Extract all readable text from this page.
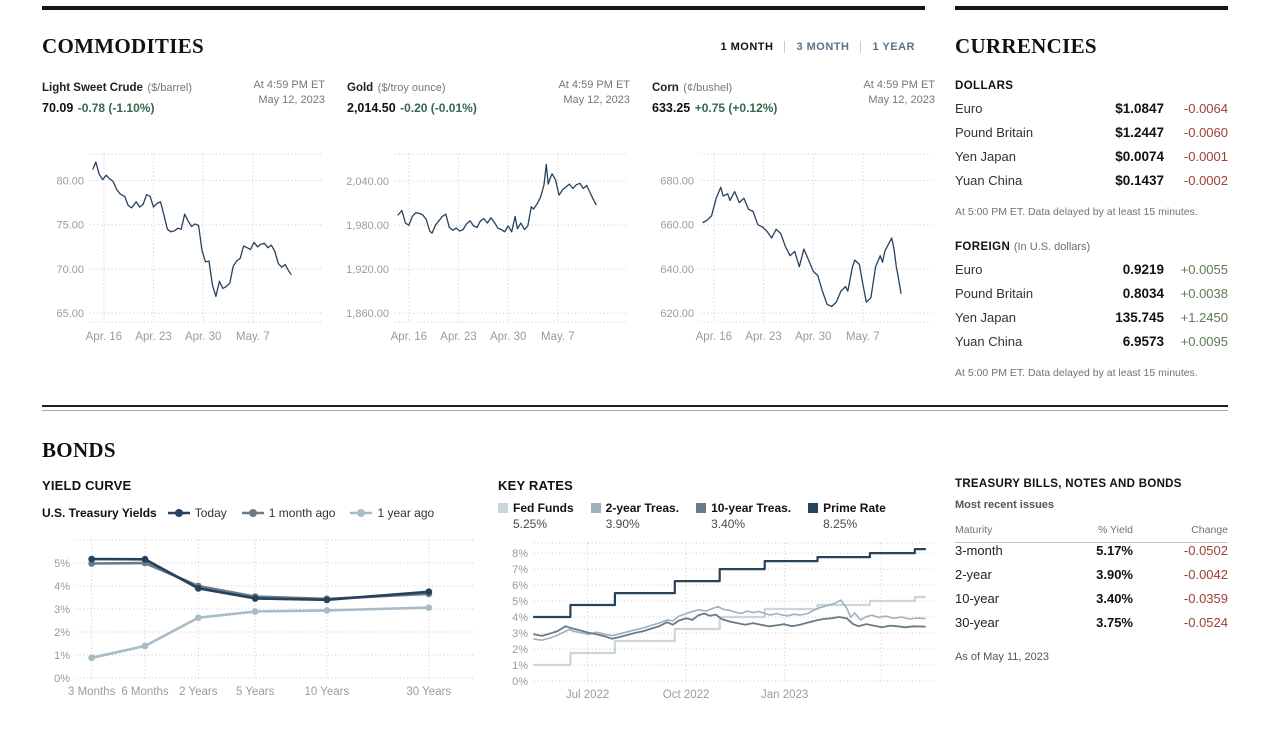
COMMODITIES	1 MONTH	3 MONTH	1 YEAR
Light Sweet Crude ($/barrel)
70.09 -0.78 (-1.10%)
At 4:59 PM ET
May 12, 2023
65.00
70.00
75.00
80.00
Apr. 16 Apr. 23 Apr. 30 May. 7
Gold ($/troy ounce)
2,014.50 -0.20 (-0.01%)
At 4:59 PM ET
May 12, 2023
1,860.00
1,920.00
1,980.00
2,040.00
Apr. 16 Apr. 23 Apr. 30 May. 7
Corn (¢/bushel)
633.25 +0.75 (+0.12%)
At 4:59 PM ET
May 12, 2023
620.00
640.00
660.00
680.00
Apr. 16 Apr. 23 Apr. 30 May. 7
CURRENCIES
DOLLARS
Euro	$1.0847	-0.0064
Pound Britain	$1.2447	-0.0060
Yen Japan	$0.0074	-0.0001
Yuan China	$0.1437	-0.0002
At 5:00 PM ET. Data delayed by at least 15 minutes.
FOREIGN (In U.S. dollars)
Euro	0.9219	+0.0055
Pound Britain	0.8034	+0.0038
Yen Japan	135.745	+1.2450
Yuan China	6.9573	+0.0095
At 5:00 PM ET. Data delayed by at least 15 minutes.
BONDS
YIELD CURVE
U.S. Treasury Yields	Today	1 month ago	1 year ago
0%
1%
2%
3%
4%
5%
3 Months 6 Months 2 Years 5 Years	10 Years	30 Years
KEY RATES
Fed Funds
5.25%
2-year Treas.
3.90%
10-year Treas.
3.40%
Prime Rate
8.25%
0%
1%
2%
3%
4%
5%
6%
7%
8%
Jul 2022	Oct 2022	Jan 2023
TREASURY BILLS, NOTES AND BONDS
Most recent issues
Maturity	% Yield	Change
3-month	5.17%	-0.0502
2-year	3.90%	-0.0042
10-year	3.40%	-0.0359
30-year	3.75%	-0.0524
As of May 11, 2023
